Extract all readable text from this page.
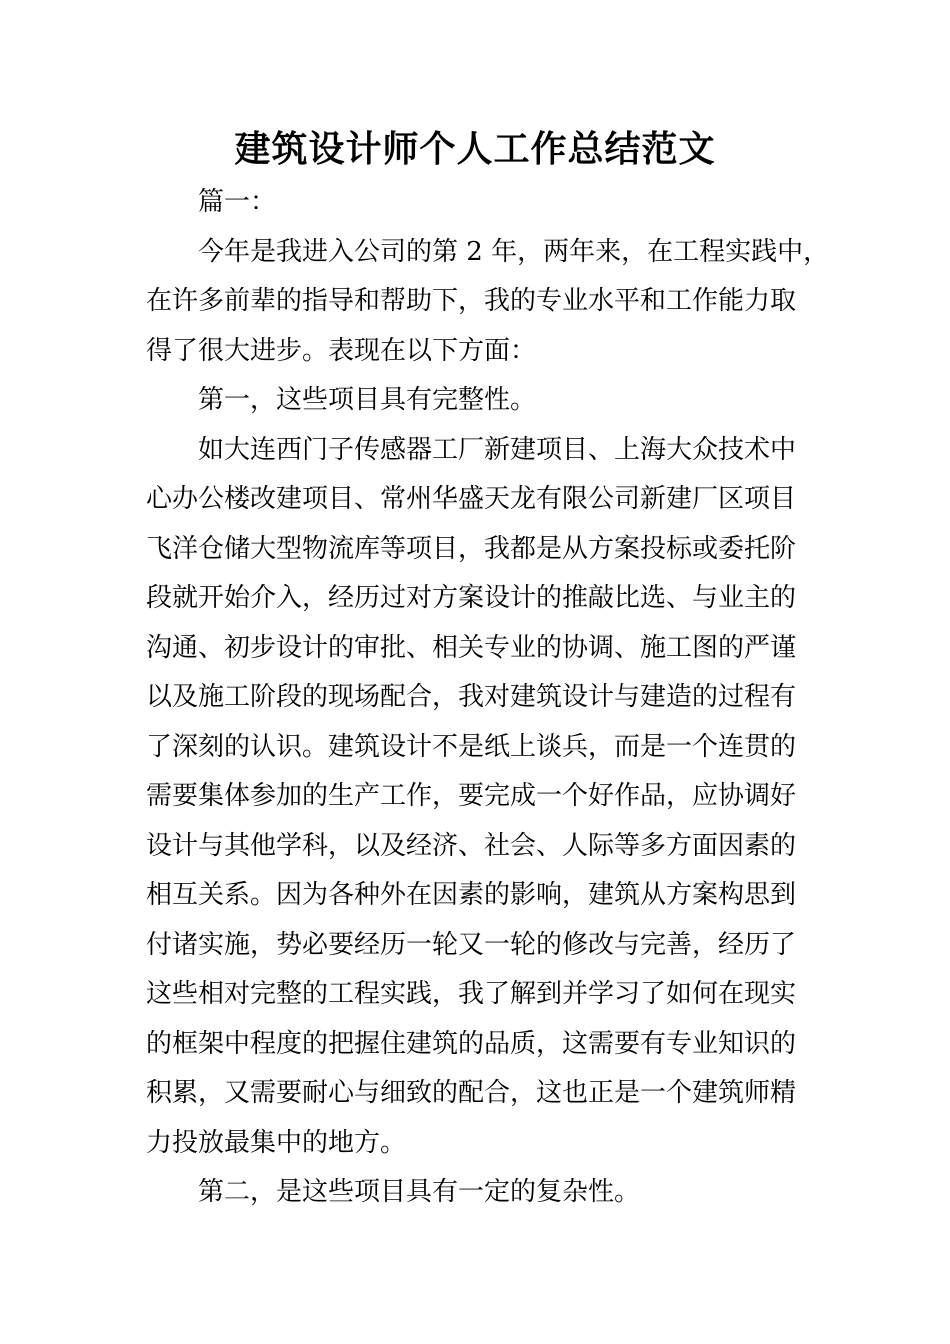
建筑设计师个人工作总结范文
篇一：
今年是我进入公司的第 2 年，两年来，在工程实践中，
在许多前辈的指导和帮助下，我的专业水平和工作能力取
得了很大进步。表现在以下方面：
第一，这些项目具有完整性。
如大连西门子传感器工厂新建项目、上海大众技术中
心办公楼改建项目、常州华盛天龙有限公司新建厂区项目
飞洋仓储大型物流库等项目，我都是从方案投标或委托阶
段就开始介入，经历过对方案设计的推敲比选、与业主的
沟通、初步设计的审批、相关专业的协调、施工图的严谨
以及施工阶段的现场配合，我对建筑设计与建造的过程有
了深刻的认识。建筑设计不是纸上谈兵，而是一个连贯的
需要集体参加的生产工作，要完成一个好作品，应协调好
设计与其他学科，以及经济、社会、人际等多方面因素的
相互关系。因为各种外在因素的影响，建筑从方案构思到
付诸实施，势必要经历一轮又一轮的修改与完善，经历了
这些相对完整的工程实践，我了解到并学习了如何在现实
的框架中程度的把握住建筑的品质，这需要有专业知识的
积累，又需要耐心与细致的配合，这也正是一个建筑师精
力投放最集中的地方。
第二，是这些项目具有一定的复杂性。
